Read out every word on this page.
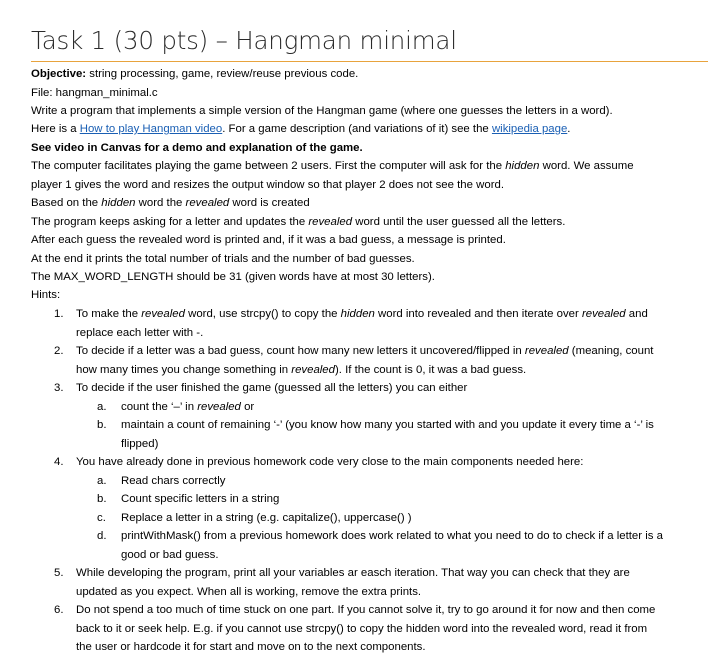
Task 1 (30 pts) – Hangman minimal
Objective: string processing, game, review/reuse previous code.
File: hangman_minimal.c
Write a program that implements a simple version of the Hangman game (where one guesses the letters in a word).
Here is a How to play Hangman video. For a game description (and variations of it) see the wikipedia page.
See video in Canvas for a demo and explanation of the game.
The computer facilitates playing the game between 2 users. First the computer will ask for the hidden word. We assume
player 1 gives the word and resizes the output window so that player 2 does not see the word.
Based on the hidden word the revealed word is created
The program keeps asking for a letter and updates the revealed word until the user guessed all the letters.
After each guess the revealed word is printed and, if it was a bad guess, a message is printed.
At the end it prints the total number of trials and the number of bad guesses.
The MAX_WORD_LENGTH should be 31 (given words have at most 30 letters).
Hints:
1. To make the revealed word, use strcpy() to copy the hidden word into revealed and then iterate over revealed and
replace each letter with -.
2. To decide if a letter was a bad guess, count how many new letters it uncovered/flipped in revealed (meaning, count
how many times you change something in revealed). If the count is 0, it was a bad guess.
3. To decide if the user finished the game (guessed all the letters) you can either
a. count the ‘–’ in revealed or
b. maintain a count of remaining ‘-’ (you know how many you started with and you update it every time a ‘-’ is
flipped)
4. You have already done in previous homework code very close to the main components needed here:
a. Read chars correctly
b. Count specific letters in a string
c. Replace a letter in a string (e.g. capitalize(), uppercase() )
d. printWithMask() from a previous homework does work related to what you need to do to check if a letter is a
good or bad guess.
5. While developing the program, print all your variables ar easch iteration. That way you can check that they are
updated as you expect. When all is working, remove the extra prints.
6. Do not spend a too much of time stuck on one part. If you cannot solve it, try to go around it for now and then come
back to it or seek help. E.g. if you cannot use strcpy() to copy the hidden word into the revealed word, read it from
the user or hardcode it for start and move on to the next components.
